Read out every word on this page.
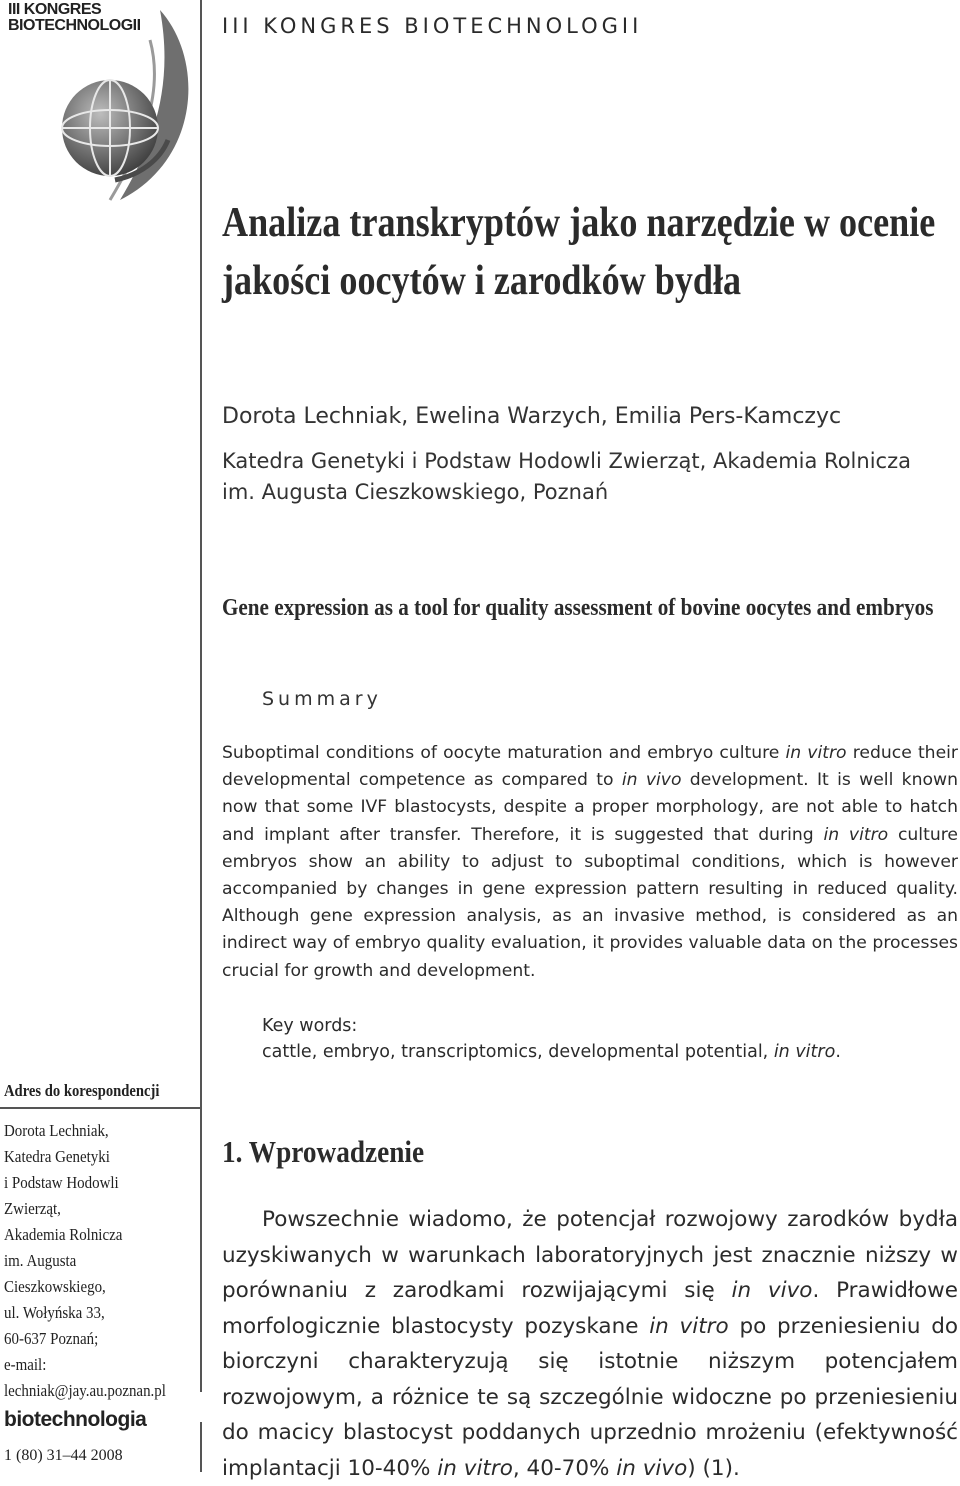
III KONGRES
BIOTECHNOLOGII	III KONGRES BIOTECHNOLOGII
Analiza transkryptów jako narzędzie w ocenie jakości oocytów i zarodków bydła
Dorota Lechniak, Ewelina Warzych, Emilia Pers-Kamczyc
Katedra Genetyki i Podstaw Hodowli Zwierząt, Akademia Rolnicza im. Augusta Cieszkowskiego, Poznań
Gene expression as a tool for quality assessment of bovine oocytes and embryos
Summary
Suboptimal conditions of oocyte maturation and embryo culture in vitro reduce their developmental competence as compared to in vivo development. It is well known now that some IVF blastocysts, despite a proper morphology, are not able to hatch and implant after transfer. Therefore, it is suggested that during in vitro culture embryos show an ability to adjust to suboptimal conditions, which is however accompanied by changes in gene expression pattern resulting in reduced quality. Although gene expression analysis, as an invasive method, is considered as an indirect way of embryo quality evaluation, it provides valuable data on the processes crucial for growth and development.
Key words:
cattle, embryo, transcriptomics, developmental potential, in vitro.
1. Wprowadzenie
Powszechnie wiadomo, że potencjał rozwojowy zarodków bydła uzyskiwanych w warunkach laboratoryjnych jest znacznie niższy w porównaniu z zarodkami rozwijającymi się in vivo. Prawidłowe morfologicznie blastocysty pozyskane in vitro po przeniesieniu do biorczyni charakteryzują się istotnie niższym potencjałem rozwojowym, a różnice te są szczególnie widoczne po przeniesieniu do macicy blastocyst poddanych uprzednio mrożeniu (efektywność implantacji 10-40% in vitro, 40-70% in vivo) (1).
Adres do korespondencji
Dorota Lechniak,
Katedra Genetyki
i Podstaw Hodowli
Zwierząt,
Akademia Rolnicza
im. Augusta
Cieszkowskiego,
ul. Wołyńska 33,
60-637 Poznań;
e-mail:
lechniak@jay.au.poznan.pl
biotechnologia
1 (80) 31–44 2008
